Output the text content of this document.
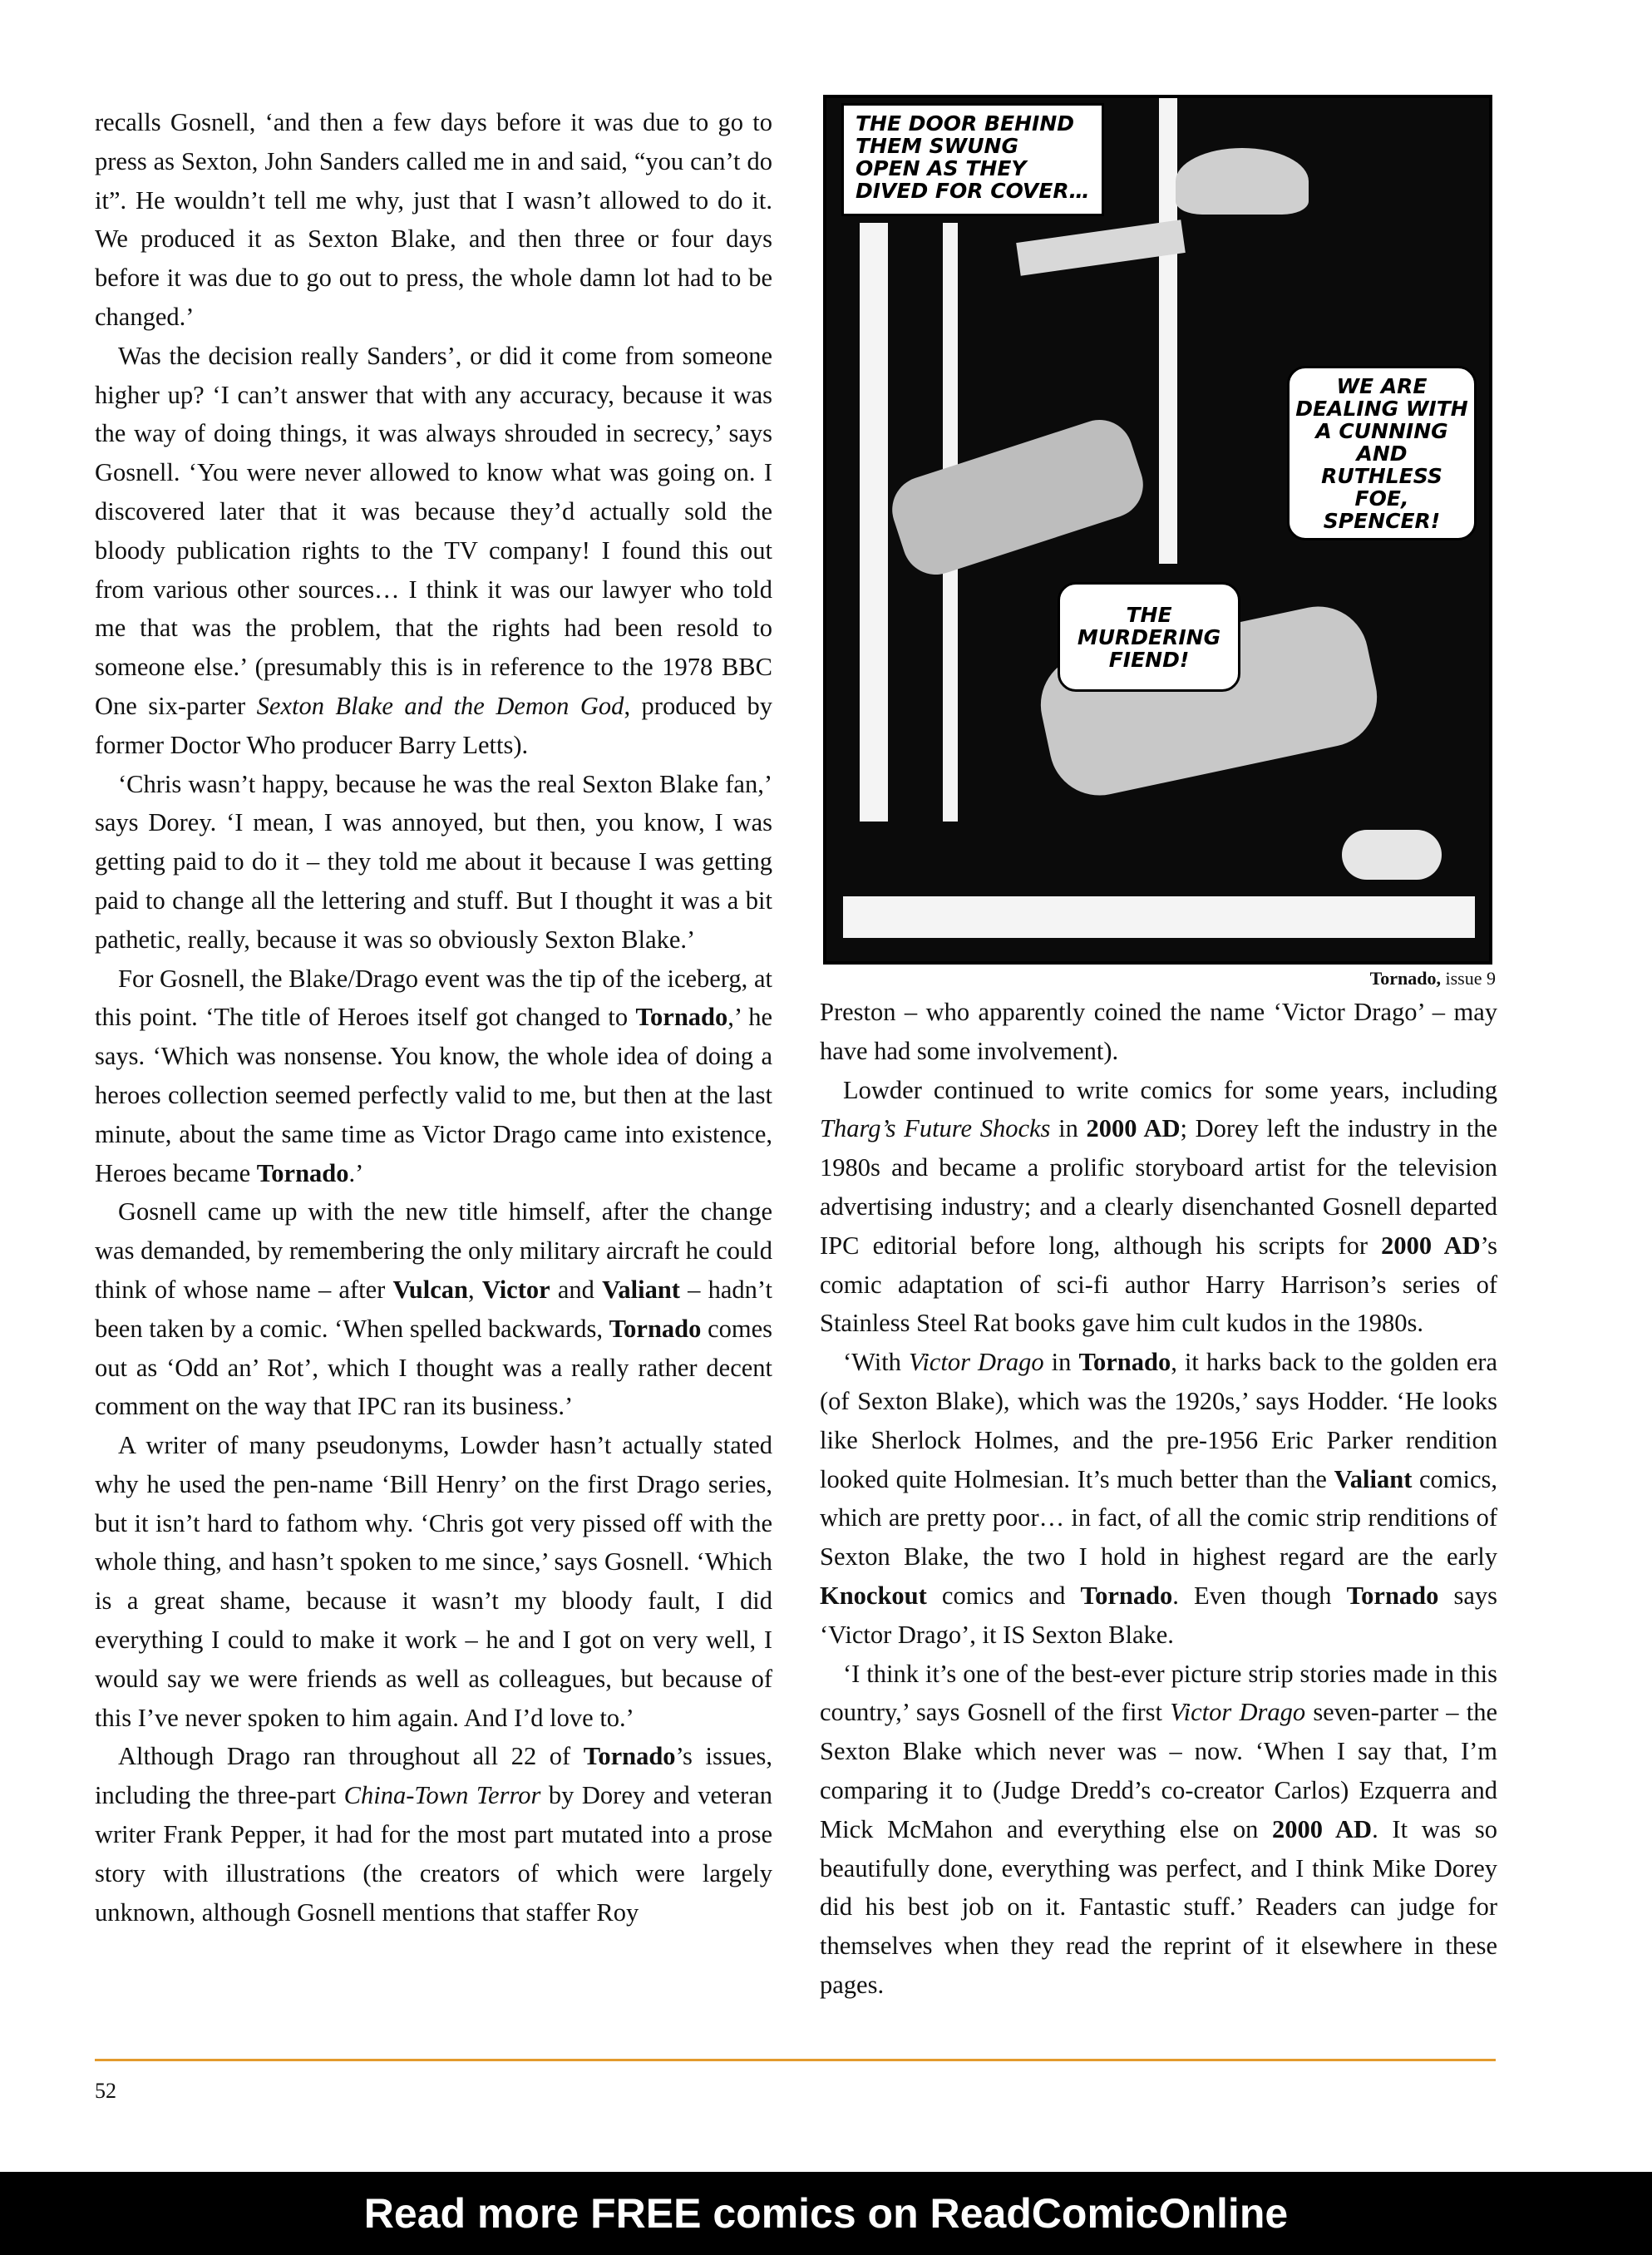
recalls Gosnell, ‘and then a few days before it was due to go to press as Sexton, John Sanders called me in and said, “you can’t do it”. He wouldn’t tell me why, just that I wasn’t allowed to do it. We produced it as Sexton Blake, and then three or four days before it was due to go out to press, the whole damn lot had to be changed.’

Was the decision really Sanders’, or did it come from someone higher up? ‘I can’t answer that with any accuracy, because it was the way of doing things, it was always shrouded in secrecy,’ says Gosnell. ‘You were never allowed to know what was going on. I discovered later that it was because they’d actually sold the bloody publication rights to the TV company! I found this out from various other sources… I think it was our lawyer who told me that was the problem, that the rights had been resold to someone else.’ (presumably this is in reference to the 1978 BBC One six-parter Sexton Blake and the Demon God, produced by former Doctor Who producer Barry Letts).

‘Chris wasn’t happy, because he was the real Sexton Blake fan,’ says Dorey. ‘I mean, I was annoyed, but then, you know, I was getting paid to do it – they told me about it because I was getting paid to change all the lettering and stuff. But I thought it was a bit pathetic, really, because it was so obviously Sexton Blake.’

For Gosnell, the Blake/Drago event was the tip of the iceberg, at this point. ‘The title of Heroes itself got changed to Tornado,’ he says. ‘Which was nonsense. You know, the whole idea of doing a heroes collection seemed perfectly valid to me, but then at the last minute, about the same time as Victor Drago came into existence, Heroes became Tornado.’

Gosnell came up with the new title himself, after the change was demanded, by remembering the only military aircraft he could think of whose name – after Vulcan, Victor and Valiant – hadn’t been taken by a comic. ‘When spelled backwards, Tornado comes out as ‘Odd an’ Rot’, which I thought was a really rather decent comment on the way that IPC ran its business.’

A writer of many pseudonyms, Lowder hasn’t actually stated why he used the pen-name ‘Bill Henry’ on the first Drago series, but it isn’t hard to fathom why. ‘Chris got very pissed off with the whole thing, and hasn’t spoken to me since,’ says Gosnell. ‘Which is a great shame, because it wasn’t my bloody fault, I did everything I could to make it work – he and I got on very well, I would say we were friends as well as colleagues, but because of this I’ve never spoken to him again. And I’d love to.’

Although Drago ran throughout all 22 of Tornado’s issues, including the three-part China-Town Terror by Dorey and veteran writer Frank Pepper, it had for the most part mutated into a prose story with illustrations (the creators of which were largely unknown, although Gosnell mentions that staffer Roy

THE DOOR BEHIND THEM SWUNG OPEN AS THEY DIVED FOR COVER…
WE ARE DEALING WITH A CUNNING AND RUTHLESS FOE, SPENCER!
THE MURDERING FIEND!
Tornado, issue 9

Preston – who apparently coined the name ‘Victor Drago’ – may have had some involvement).

Lowder continued to write comics for some years, including Tharg’s Future Shocks in 2000 AD; Dorey left the industry in the 1980s and became a prolific storyboard artist for the television advertising industry; and a clearly disenchanted Gosnell departed IPC editorial before long, although his scripts for 2000 AD’s comic adaptation of sci-fi author Harry Harrison’s series of Stainless Steel Rat books gave him cult kudos in the 1980s.

‘With Victor Drago in Tornado, it harks back to the golden era (of Sexton Blake), which was the 1920s,’ says Hodder. ‘He looks like Sherlock Holmes, and the pre-1956 Eric Parker rendition looked quite Holmesian. It’s much better than the Valiant comics, which are pretty poor… in fact, of all the comic strip renditions of Sexton Blake, the two I hold in highest regard are the early Knockout comics and Tornado. Even though Tornado says ‘Victor Drago’, it IS Sexton Blake.

‘I think it’s one of the best-ever picture strip stories made in this country,’ says Gosnell of the first Victor Drago seven-parter – the Sexton Blake which never was – now. ‘When I say that, I’m comparing it to (Judge Dredd’s co-creator Carlos) Ezquerra and Mick McMahon and everything else on 2000 AD. It was so beautifully done, everything was perfect, and I think Mike Dorey did his best job on it. Fantastic stuff.’ Readers can judge for themselves when they read the reprint of it elsewhere in these pages.

52
Read more FREE comics on ReadComicOnline
